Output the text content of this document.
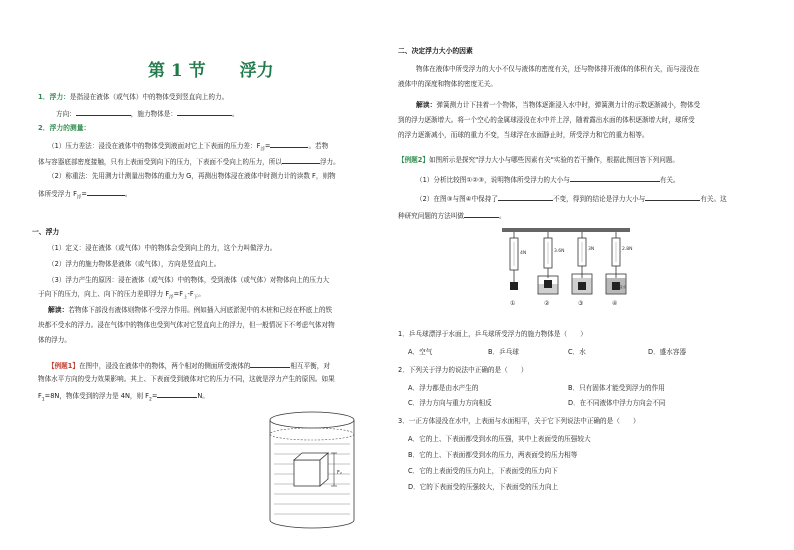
第 1 节 浮力
1．浮力：是指浸在液体（或气体）中的物体受到竖直向上的力。
方向：	，施力物体是：	。
2．浮力的测量：
（1）压力差法：浸没在液体中的物体受到液面对它上下表面的压力差：$F_浮=$	。若物
体与容器底部密度接触，只有上表面受到向下的压力，下表面不受向上的压力，所以	浮力。
（2）称重法：先用测力计测量出物体的重力为 G，再测出物体浸在液体中时测力计的读数 F，则物
体所受浮力 $F_浮=$	。
一、浮力
（1）定义：浸在液体（或气体）中的物体会受到向上的力，这个力叫做浮力。
（2）浮力的施力物体是液体（或气体），方向是竖直向上。
（3）浮力产生的原因：浸在液体（或气体）中的物体，受到液体（或气体）对物体向上的压力大
于向下的压力，向上、向下的压力差即浮力 $F_浮=F_上-F_下$。
解读：若物体下部没有液体则物体不受浮力作用。例如插入河底淤泥中的木桩和已经在杯底上的铁
块都不受水的浮力。浸在气体中的物体也受到气体对它竖直向上的浮力，但一般情况下不考虑气体对物
体的浮力。
【例题1】在图中，浸没在液体中的物体，两个相对的侧面所受液体的	相互平衡，对
物体水平方向的受力效果影响。其上、下表面受到液体对它的压力不同，这就是浮力产生的原因。如果
$F_1=8N$，物体受到的浮力是 4N，则 $F_2=$	N。
F₂
二、决定浮力大小的因素
物体在液体中所受浮力的大小不仅与液体的密度有关，还与物体排开液体的体积有关，而与浸没在
液体中的深度和物体的密度无关。
解读：弹簧测力计下挂着一个物体，当物体逐渐浸入水中时，弹簧测力计的示数逐渐减小，物体受
到的浮力逐渐增大。将一个空心的金属球浸没在水中并上浮，随着露出水面的体积逐渐增大时，球所受
的浮力逐渐减小，而球的重力不变，当球浮在水面静止时，所受浮力和它的重力相等。
【例题2】如图所示是探究"浮力大小与哪些因素有关"实验的若干操作，根据此图回答下列问题。
（1）分析比较图①②③，说明物体所受浮力的大小与	有关。
（2）在图③与图④中保持了	不变，得到的结论是浮力大小与	有关。这
种研究问题的方法叫做	。
4N
①
3.6N
②
3N
③
2.8N
盐水
④
1．乒乓球漂浮于水面上，乒乓球所受浮力的施力物体是（　　）
A．空气	B．乒乓球	C．水	D．盛水容器
2．下列关于浮力的说法中正确的是（　　）
A．浮力都是由水产生的	B．只有固体才能受到浮力的作用
C．浮力方向与重力方向相反	D．在不同液体中浮力方向会不同
3．一正方体浸没在水中，上表面与水面相平，关于它下列说法中正确的是（　　）
A．它的上、下表面都受到水的压强，其中上表面受的压强较大
B．它的上、下表面都受到水的压力，两表面受的压力相等
C．它的上表面受的压力向上，下表面受的压力向下
D．它的下表面受的压强较大，下表面受的压力向上
